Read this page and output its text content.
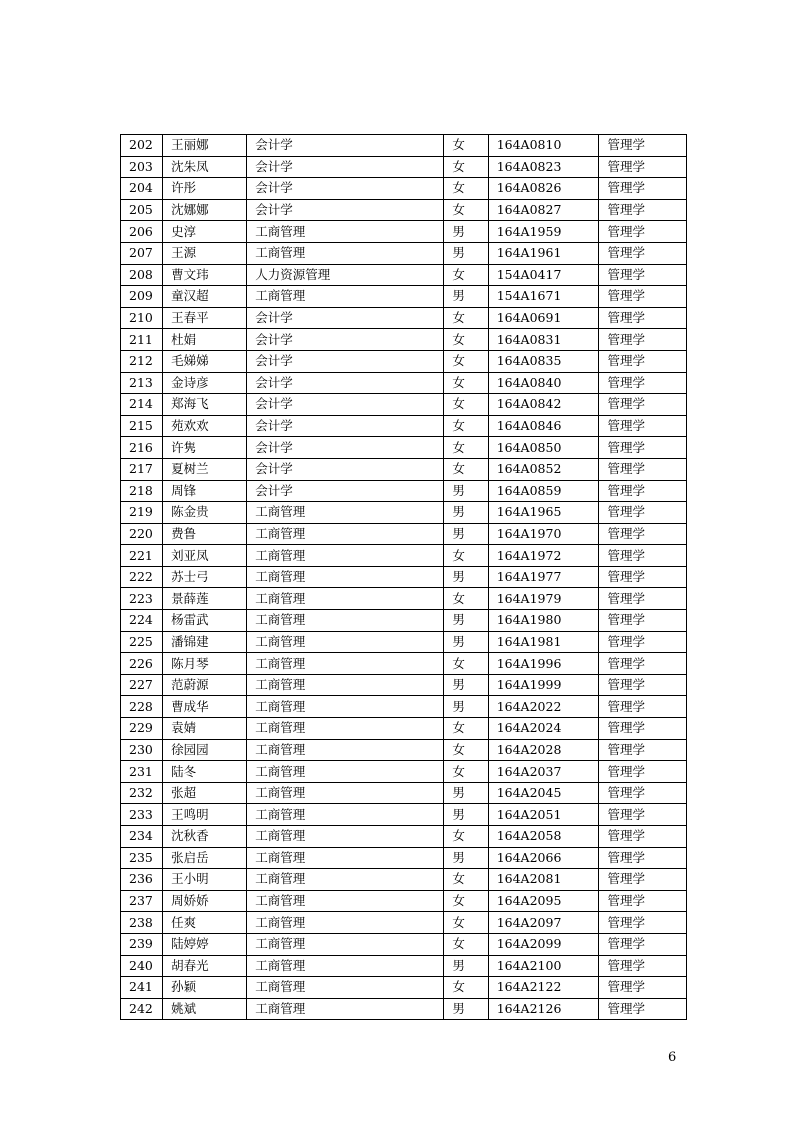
202	王丽娜	会计学	女	164A0810	管理学
203	沈朱凤	会计学	女	164A0823	管理学
204	许彤	会计学	女	164A0826	管理学
205	沈娜娜	会计学	女	164A0827	管理学
206	史淳	工商管理	男	164A1959	管理学
207	王源	工商管理	男	164A1961	管理学
208	曹文玮	人力资源管理	女	154A0417	管理学
209	童汉超	工商管理	男	154A1671	管理学
210	王春平	会计学	女	164A0691	管理学
211	杜娟	会计学	女	164A0831	管理学
212	毛娣娣	会计学	女	164A0835	管理学
213	金诗彦	会计学	女	164A0840	管理学
214	郑海飞	会计学	女	164A0842	管理学
215	苑欢欢	会计学	女	164A0846	管理学
216	许隽	会计学	女	164A0850	管理学
217	夏树兰	会计学	女	164A0852	管理学
218	周锋	会计学	男	164A0859	管理学
219	陈金贵	工商管理	男	164A1965	管理学
220	费鲁	工商管理	男	164A1970	管理学
221	刘亚凤	工商管理	女	164A1972	管理学
222	苏士弓	工商管理	男	164A1977	管理学
223	景薛莲	工商管理	女	164A1979	管理学
224	杨雷武	工商管理	男	164A1980	管理学
225	潘锦建	工商管理	男	164A1981	管理学
226	陈月琴	工商管理	女	164A1996	管理学
227	范蔚源	工商管理	男	164A1999	管理学
228	曹成华	工商管理	男	164A2022	管理学
229	袁婧	工商管理	女	164A2024	管理学
230	徐园园	工商管理	女	164A2028	管理学
231	陆冬	工商管理	女	164A2037	管理学
232	张超	工商管理	男	164A2045	管理学
233	王鸣明	工商管理	男	164A2051	管理学
234	沈秋香	工商管理	女	164A2058	管理学
235	张启岳	工商管理	男	164A2066	管理学
236	王小明	工商管理	女	164A2081	管理学
237	周娇娇	工商管理	女	164A2095	管理学
238	任爽	工商管理	女	164A2097	管理学
239	陆婷婷	工商管理	女	164A2099	管理学
240	胡春光	工商管理	男	164A2100	管理学
241	孙颖	工商管理	女	164A2122	管理学
242	姚斌	工商管理	男	164A2126	管理学
6
